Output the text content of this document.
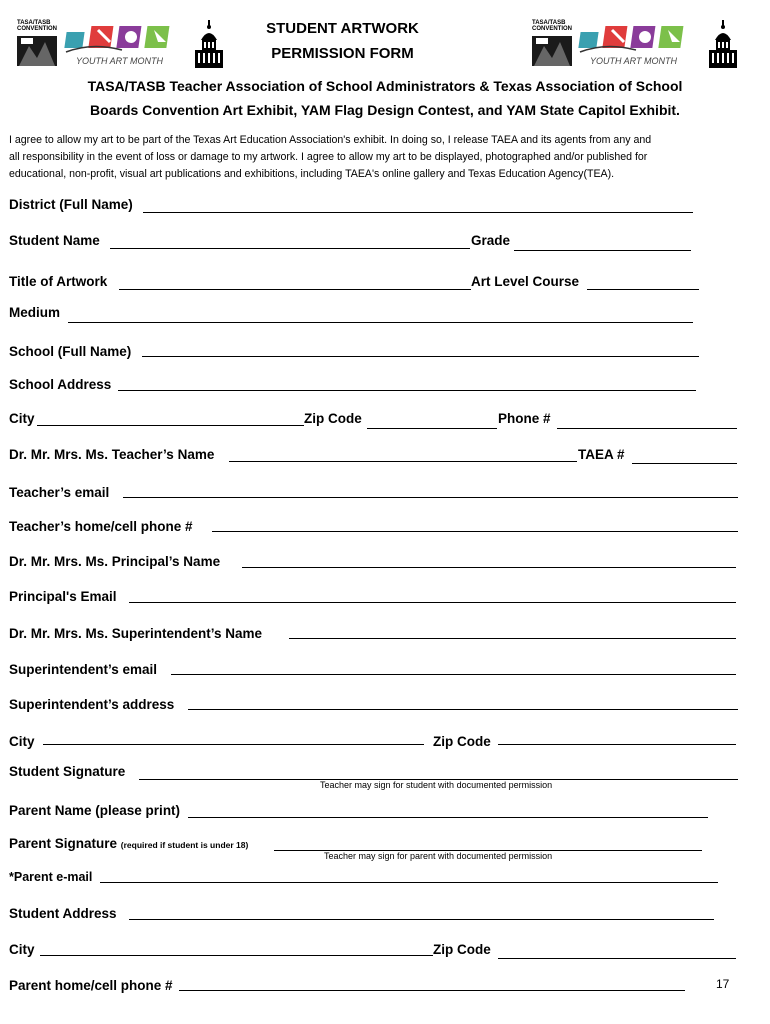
TASA/TASB
CONVENTION
YOUTH ART MONTH
STUDENT ARTWORK
PERMISSION FORM
TASA/TASB
CONVENTION
YOUTH ART MONTH
TASA/TASB Teacher Association of School Administrators & Texas Association of School
Boards Convention Art Exhibit, YAM Flag Design Contest, and YAM State Capitol Exhibit.
I agree to allow my art to be part of the Texas Art Education Association's exhibit. In doing so, I release TAEA and its agents from any and
all responsibility in the event of loss or damage to my artwork. I agree to allow my art to be displayed, photographed and/or published for
educational, non-profit, visual art publications and exhibitions, including TAEA's online gallery and Texas Education Agency(TEA).
District (Full Name)
Student Name	Grade
Title of Artwork	Art Level Course
Medium
School (Full Name)
School Address
City	Zip Code	Phone #
Dr. Mr. Mrs. Ms. Teacher’s Name	TAEA #
Teacher’s email
Teacher’s home/cell phone #
Dr. Mr. Mrs. Ms. Principal’s Name
Principal's Email
Dr. Mr. Mrs. Ms. Superintendent’s Name
Superintendent’s email
Superintendent’s address
City	Zip Code
Student Signature
Teacher may sign for student with documented permission
Parent Name (please print)
Parent Signature (required if student is under 18)
Teacher may sign for parent with documented permission
*Parent e-mail
Student Address
City	Zip Code
Parent home/cell phone #	17
